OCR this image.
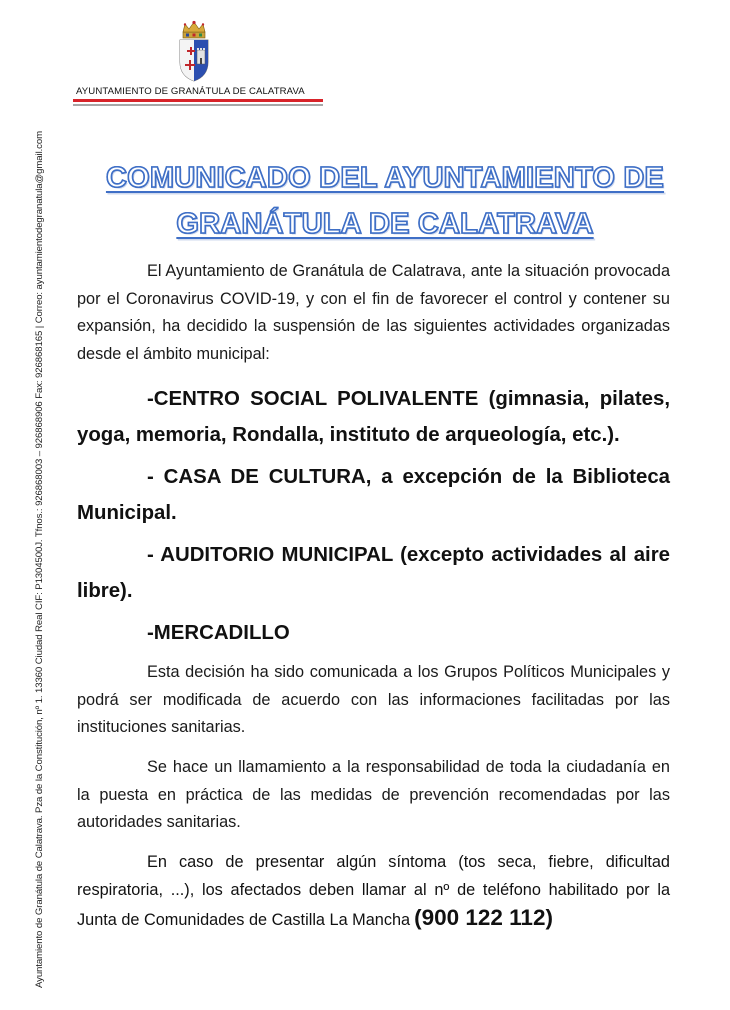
Ayuntamiento de Granátula de Calatrava. Pza de la Constitución, nº 1. 13360 Ciudad Real CIF: P1304500J. Tfnos.: 926868003 – 926868906 Fax: 926868165 | Correo: ayuntamientodegranatula@gmail.com
AYUNTAMIENTO DE GRANÁTULA DE CALATRAVA
COMUNICADO DEL AYUNTAMIENTO DE
GRANÁTULA DE CALATRAVA

El Ayuntamiento de Granátula de Calatrava, ante la situación provocada por el Coronavirus COVID-19, y con el fin de favorecer el control y contener su expansión, ha decidido la suspensión de las siguientes actividades organizadas desde el ámbito municipal:

-CENTRO SOCIAL POLIVALENTE (gimnasia, pilates, yoga, memoria, Rondalla, instituto de arqueología, etc.).

- CASA DE CULTURA, a excepción de la Biblioteca Municipal.

- AUDITORIO MUNICIPAL (excepto actividades al aire libre).

-MERCADILLO

Esta decisión ha sido comunicada a los Grupos Políticos Municipales y podrá ser modificada de acuerdo con las informaciones facilitadas por las instituciones sanitarias.

Se hace un llamamiento a la responsabilidad de toda la ciudadanía en la puesta en práctica de las medidas de prevención recomendadas por las autoridades sanitarias.

En caso de presentar algún síntoma (tos seca, fiebre, dificultad respiratoria, ...), los afectados deben llamar al nº de teléfono habilitado por la Junta de Comunidades de Castilla La Mancha (900 122 112)
